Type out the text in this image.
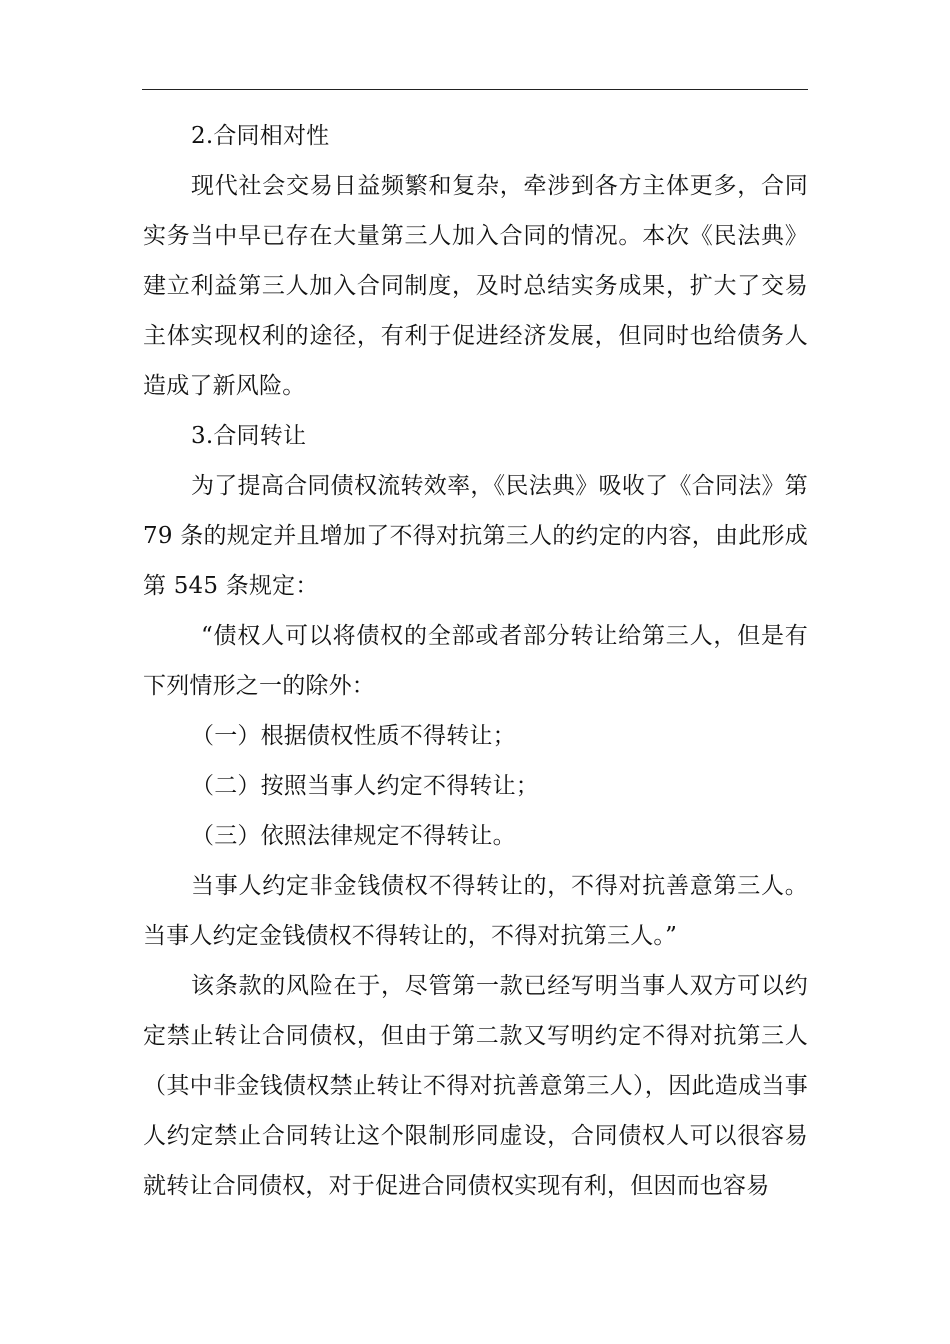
2.合同相对性

现代社会交易日益频繁和复杂，牵涉到各方主体更多，合同实务当中早已存在大量第三人加入合同的情况。本次《民法典》建立利益第三人加入合同制度，及时总结实务成果，扩大了交易主体实现权利的途径，有利于促进经济发展，但同时也给债务人造成了新风险。

3.合同转让

为了提高合同债权流转效率，《民法典》吸收了《合同法》第 79 条的规定并且增加了不得对抗第三人的约定的内容，由此形成第 545 条规定：

“债权人可以将债权的全部或者部分转让给第三人，但是有下列情形之一的除外：

（一）根据债权性质不得转让；

（二）按照当事人约定不得转让；

（三）依照法律规定不得转让。

当事人约定非金钱债权不得转让的，不得对抗善意第三人。当事人约定金钱债权不得转让的，不得对抗第三人。”

该条款的风险在于，尽管第一款已经写明当事人双方可以约定禁止转让合同债权，但由于第二款又写明约定不得对抗第三人（其中非金钱债权禁止转让不得对抗善意第三人），因此造成当事人约定禁止合同转让这个限制形同虚设，合同债权人可以很容易就转让合同债权，对于促进合同债权实现有利，但因而也容易
